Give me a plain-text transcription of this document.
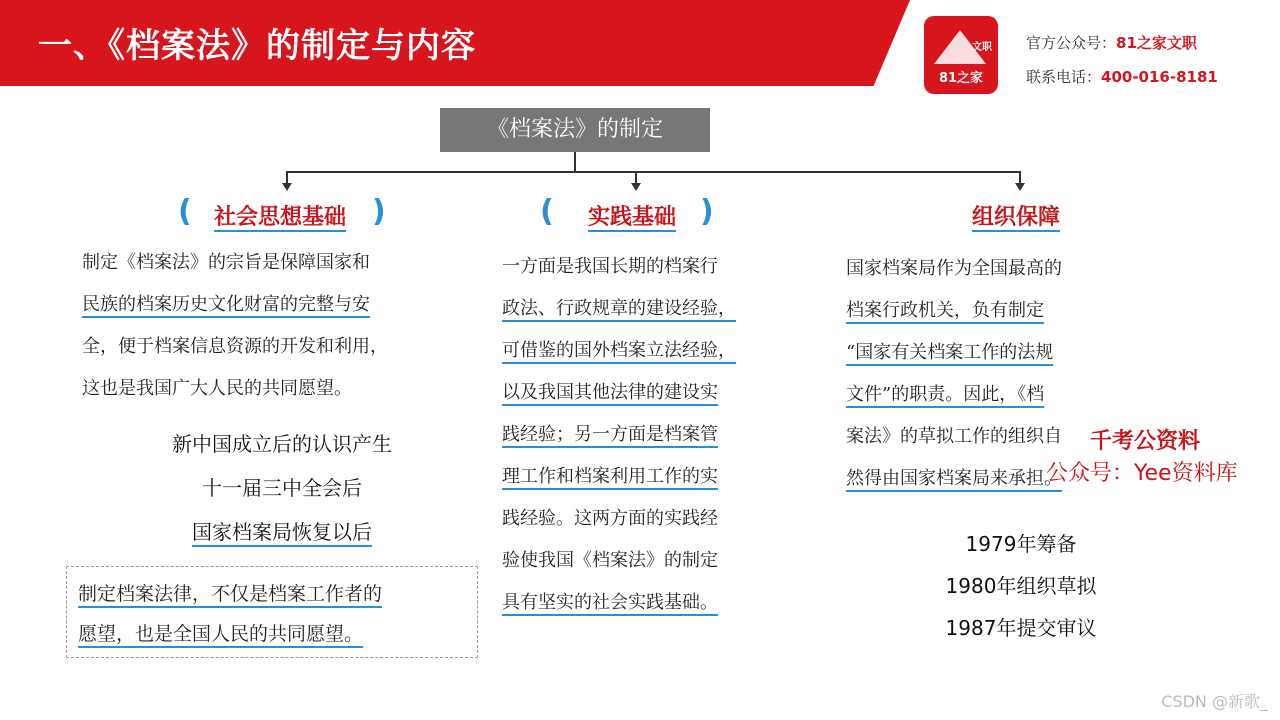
一、《档案法》的制定与内容	文职
81之家
官方公众号：81之家文职
联系电话：400-016-8181
《档案法》的制定
( 社会思想基础 )
制定《档案法》的宗旨是保障国家和
民族的档案历史文化财富的完整与安
全，便于档案信息资源的开发和利用，
这也是我国广大人民的共同愿望。
新中国成立后的认识产生
十一届三中全会后
国家档案局恢复以后
制定档案法律，不仅是档案工作者的
愿望，也是全国人民的共同愿望。
( 实践基础 )
一方面是我国长期的档案行
政法、行政规章的建设经验，
可借鉴的国外档案立法经验，
以及我国其他法律的建设实
践经验；另一方面是档案管
理工作和档案利用工作的实
践经验。这两方面的实践经
验使我国《档案法》的制定
具有坚实的社会实践基础。
组织保障
国家档案局作为全国最高的
档案行政机关，负有制定
“国家有关档案工作的法规
文件”的职责。因此，《档
案法》的草拟工作的组织自
然得由国家档案局来承担。
1979年筹备
1980年组织草拟
1987年提交审议
千考公资料
公众号：Yee资料库
CSDN @新歌_
